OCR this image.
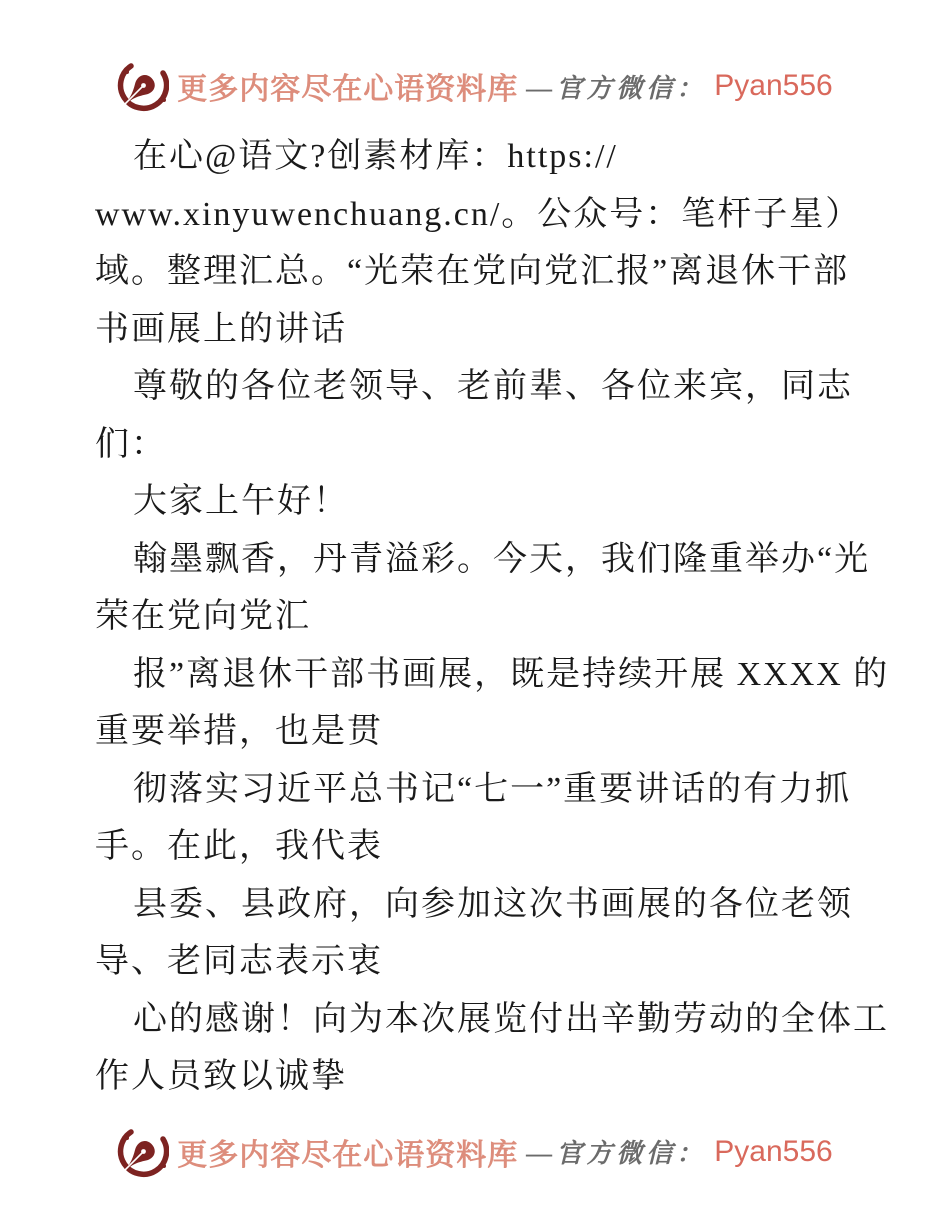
更多内容尽在心语资料库 —官方微信： Pyan556
在心@语文?创素材库：https://
www.xinyuwenchuang.cn/。公众号：笔杆子星）
域。整理汇总。“光荣在党向党汇报”离退休干部
书画展上的讲话
尊敬的各位老领导、老前辈、各位来宾，同志
们：
大家上午好！
翰墨飘香，丹青溢彩。今天，我们隆重举办“光
荣在党向党汇
报”离退休干部书画展，既是持续开展 XXXX 的
重要举措，也是贯
彻落实习近平总书记“七一”重要讲话的有力抓
手。在此，我代表
县委、县政府，向参加这次书画展的各位老领
导、老同志表示衷
心的感谢！向为本次展览付出辛勤劳动的全体工
作人员致以诚挚
更多内容尽在心语资料库 —官方微信： Pyan556
